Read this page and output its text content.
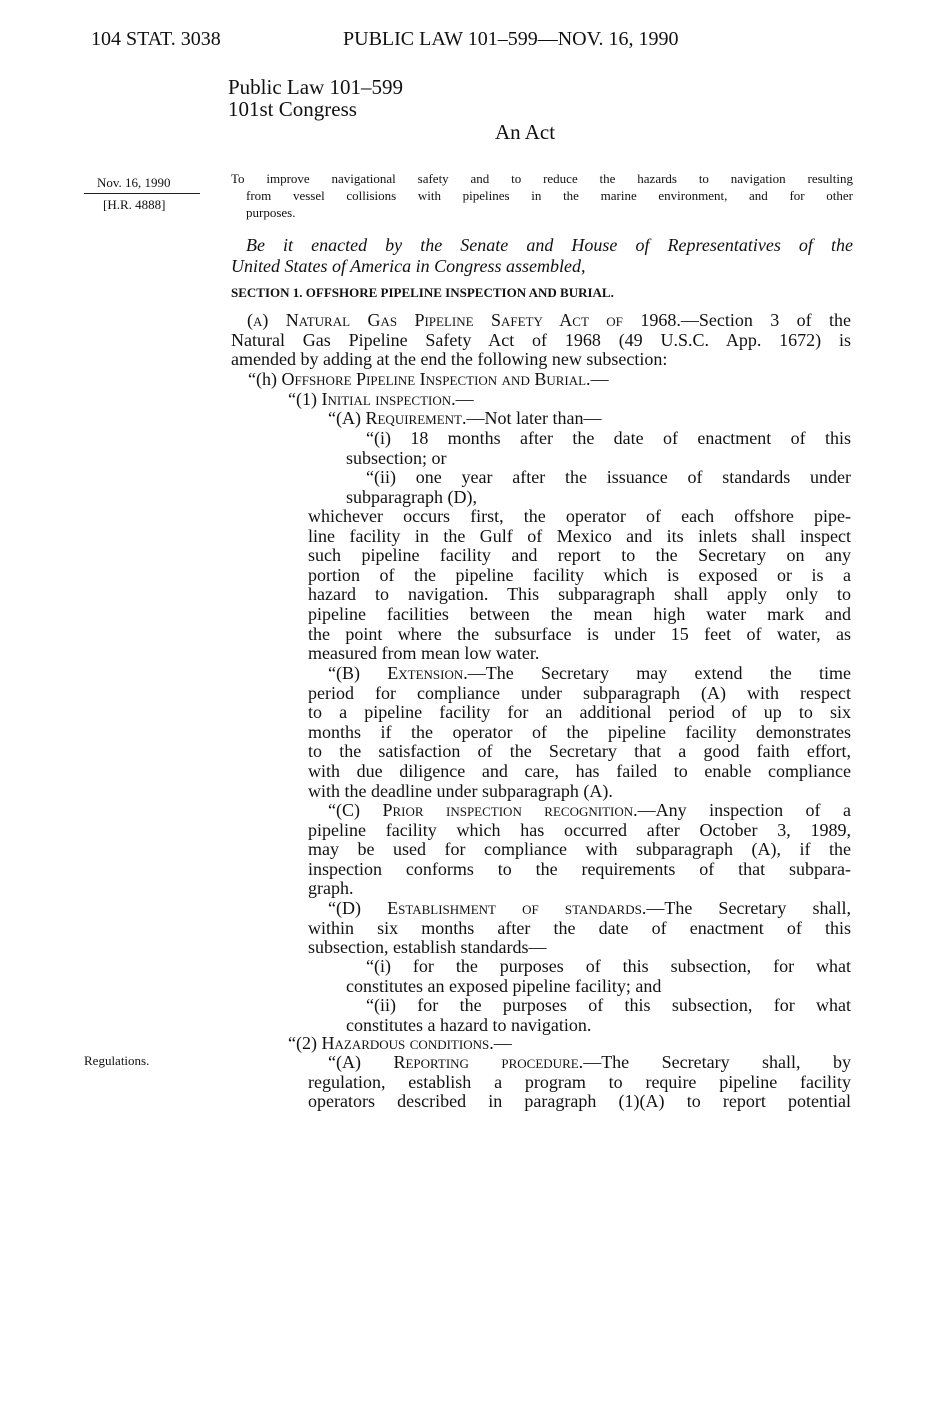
104 STAT. 3038	PUBLIC LAW 101–599—NOV. 16, 1990
Public Law 101–599
101st Congress
An Act
Nov. 16, 1990
[H.R. 4888]
Regulations.
To improve navigational safety and to reduce the hazards to navigation resulting
from vessel collisions with pipelines in the marine environment, and for other
purposes.
Be it enacted by the Senate and House of Representatives of the
United States of America in Congress assembled,
SECTION 1. OFFSHORE PIPELINE INSPECTION AND BURIAL.
(a) Natural Gas Pipeline Safety Act of 1968.—Section 3 of the
Natural Gas Pipeline Safety Act of 1968 (49 U.S.C. App. 1672) is
amended by adding at the end the following new subsection:
“(h) Offshore Pipeline Inspection and Burial.—
“(1) Initial inspection.—
“(A) Requirement.—Not later than—
“(i) 18 months after the date of enactment of this
subsection; or
“(ii) one year after the issuance of standards under
subparagraph (D),
whichever occurs first, the operator of each offshore pipe-
line facility in the Gulf of Mexico and its inlets shall inspect
such pipeline facility and report to the Secretary on any
portion of the pipeline facility which is exposed or is a
hazard to navigation. This subparagraph shall apply only to
pipeline facilities between the mean high water mark and
the point where the subsurface is under 15 feet of water, as
measured from mean low water.
“(B) Extension.—The Secretary may extend the time
period for compliance under subparagraph (A) with respect
to a pipeline facility for an additional period of up to six
months if the operator of the pipeline facility demonstrates
to the satisfaction of the Secretary that a good faith effort,
with due diligence and care, has failed to enable compliance
with the deadline under subparagraph (A).
“(C) Prior inspection recognition.—Any inspection of a
pipeline facility which has occurred after October 3, 1989,
may be used for compliance with subparagraph (A), if the
inspection conforms to the requirements of that subpara-
graph.
“(D) Establishment of standards.—The Secretary shall,
within six months after the date of enactment of this
subsection, establish standards—
“(i) for the purposes of this subsection, for what
constitutes an exposed pipeline facility; and
“(ii) for the purposes of this subsection, for what
constitutes a hazard to navigation.
“(2) Hazardous conditions.—
“(A) Reporting procedure.—The Secretary shall, by
regulation, establish a program to require pipeline facility
operators described in paragraph (1)(A) to report potential
